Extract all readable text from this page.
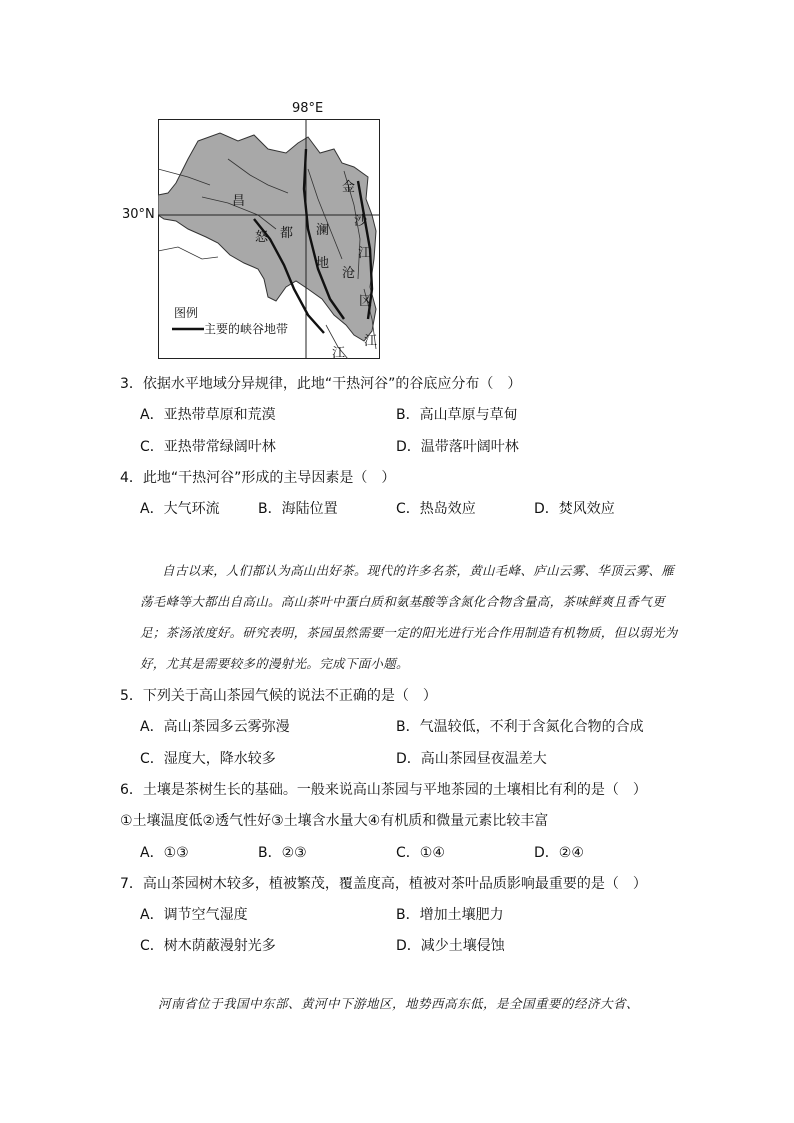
98°E
30°N
昌
怒 都 澜
地
沧
金
沙
江
区
江
江
图例
主要的峡谷地带
3．依据水平地域分异规律，此地“干热河谷”的谷底应分布（　）
A．亚热带草原和荒漠	B．高山草原与草甸
C．亚热带常绿阔叶林	D．温带落叶阔叶林
4．此地“干热河谷”形成的主导因素是（　）
A．大气环流	B．海陆位置	C．热岛效应	D．焚风效应

自古以来，人们都认为高山出好茶。现代的许多名茶，黄山毛峰、庐山云雾、华顶云雾、雁荡毛峰等大都出自高山。高山茶叶中蛋白质和氨基酸等含氮化合物含量高，茶味鲜爽且香气更足；茶汤浓度好。研究表明，茶园虽然需要一定的阳光进行光合作用制造有机物质，但以弱光为好，尤其是需要较多的漫射光。完成下面小题。

5．下列关于高山茶园气候的说法不正确的是（　）
A．高山茶园多云雾弥漫	B．气温较低，不利于含氮化合物的合成
C．湿度大，降水较多	D．高山茶园昼夜温差大
6．土壤是茶树生长的基础。一般来说高山茶园与平地茶园的土壤相比有利的是（　）
①土壤温度低②透气性好③土壤含水量大④有机质和微量元素比较丰富
A．①③	B．②③	C．①④	D．②④
7．高山茶园树木较多，植被繁茂，覆盖度高，植被对茶叶品质影响最重要的是（　）
A．调节空气湿度	B．增加土壤肥力
C．树木荫蔽漫射光多	D．减少土壤侵蚀
河南省位于我国中东部、黄河中下游地区，地势西高东低，是全国重要的经济大省、
